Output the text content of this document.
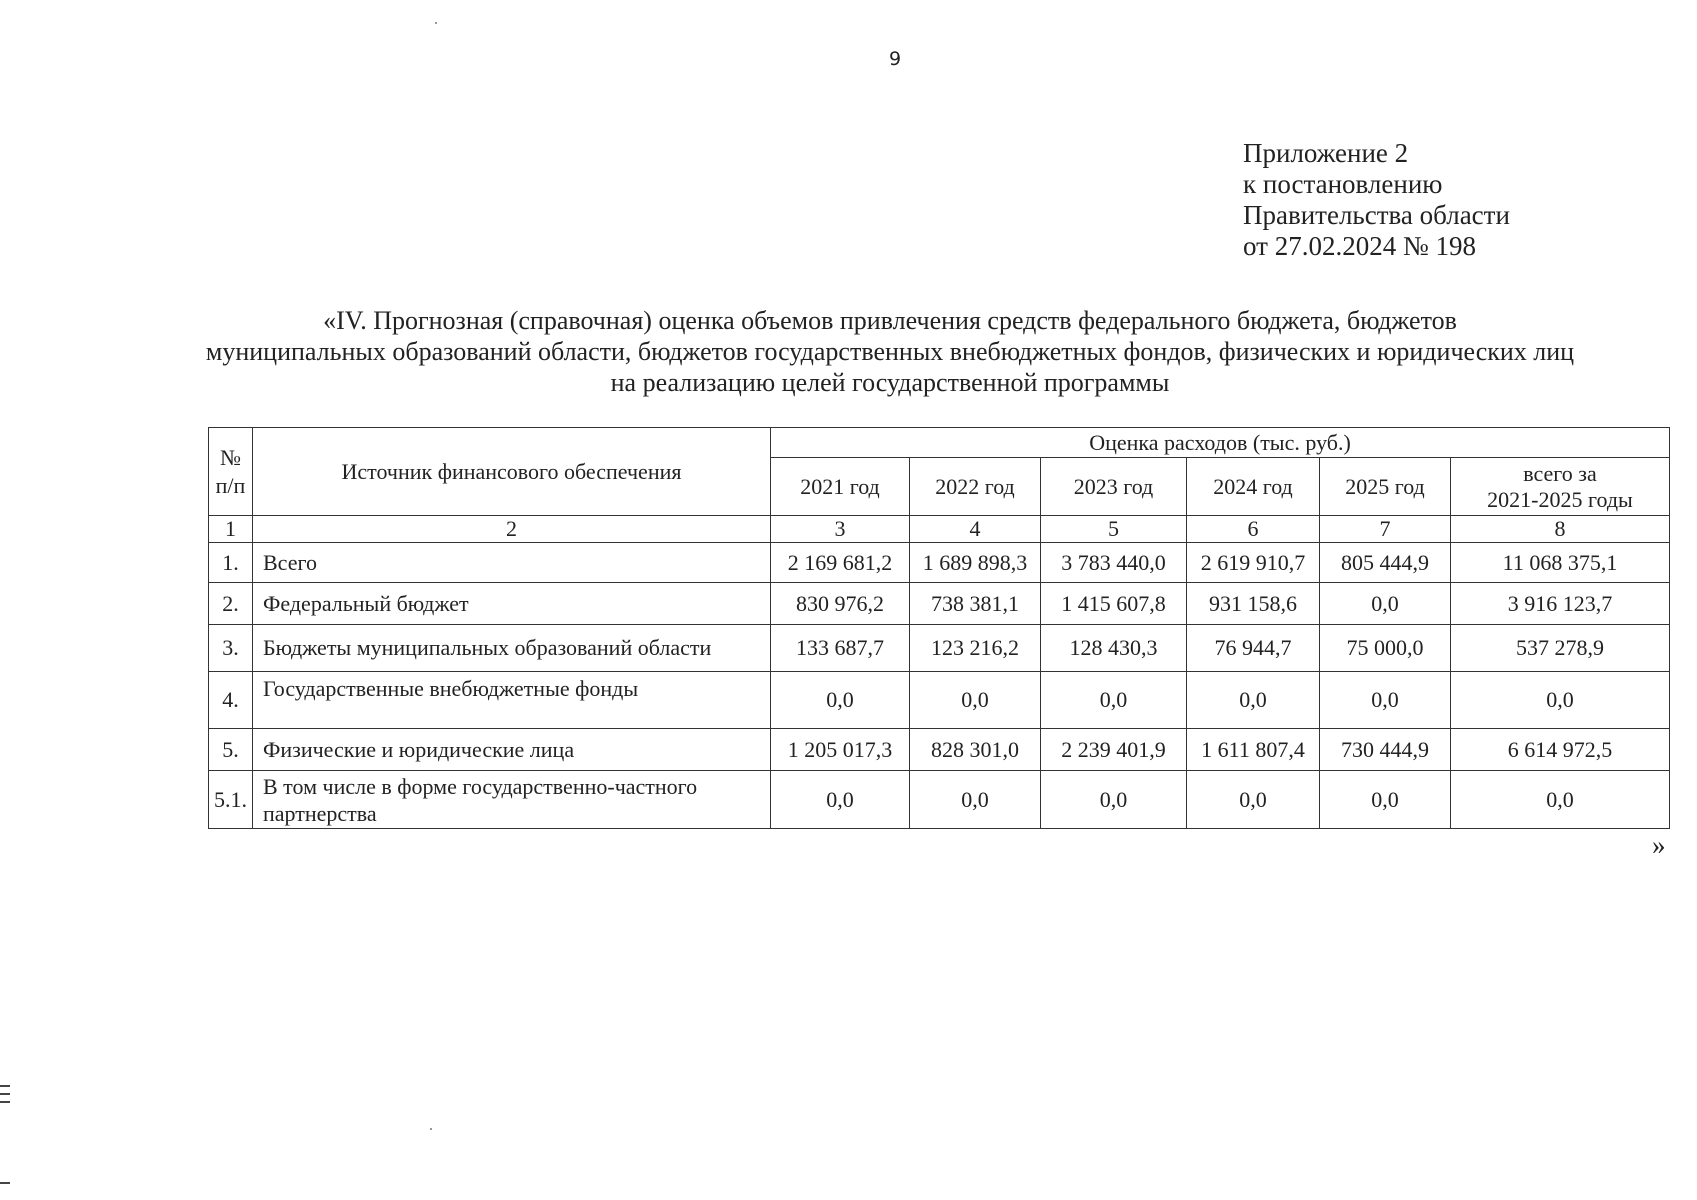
9
Приложение 2
к постановлению
Правительства области
от 27.02.2024 № 198
«IV. Прогнозная (справочная) оценка объемов привлечения средств федерального бюджета, бюджетов
муниципальных образований области, бюджетов государственных внебюджетных фондов, физических и юридических лиц
на реализацию целей государственной программы
№ п/п	Источник финансового обеспечения	Оценка расходов (тыс. руб.)					
		2021 год	2022 год	2023 год	2024 год	2025 год	всего за
2021-2025 годы

1	2	3	4	5	6	7	8
1.	Всего	2 169 681,2	1 689 898,3	3 783 440,0	2 619 910,7	805 444,9	11 068 375,1
2.	Федеральный бюджет	830 976,2	738 381,1	1 415 607,8	931 158,6	0,0	3 916 123,7
3.	Бюджеты муниципальных образований области	133 687,7	123 216,2	128 430,3	76 944,7	75 000,0	537 278,9
4.	Государственные внебюджетные фонды	0,0	0,0	0,0	0,0	0,0	0,0
5.	Физические и юридические лица	1 205 017,3	828 301,0	2 239 401,9	1 611 807,4	730 444,9	6 614 972,5
5.1.	В том числе в форме государственно-частного партнерства	0,0	0,0	0,0	0,0	0,0	0,0
»
